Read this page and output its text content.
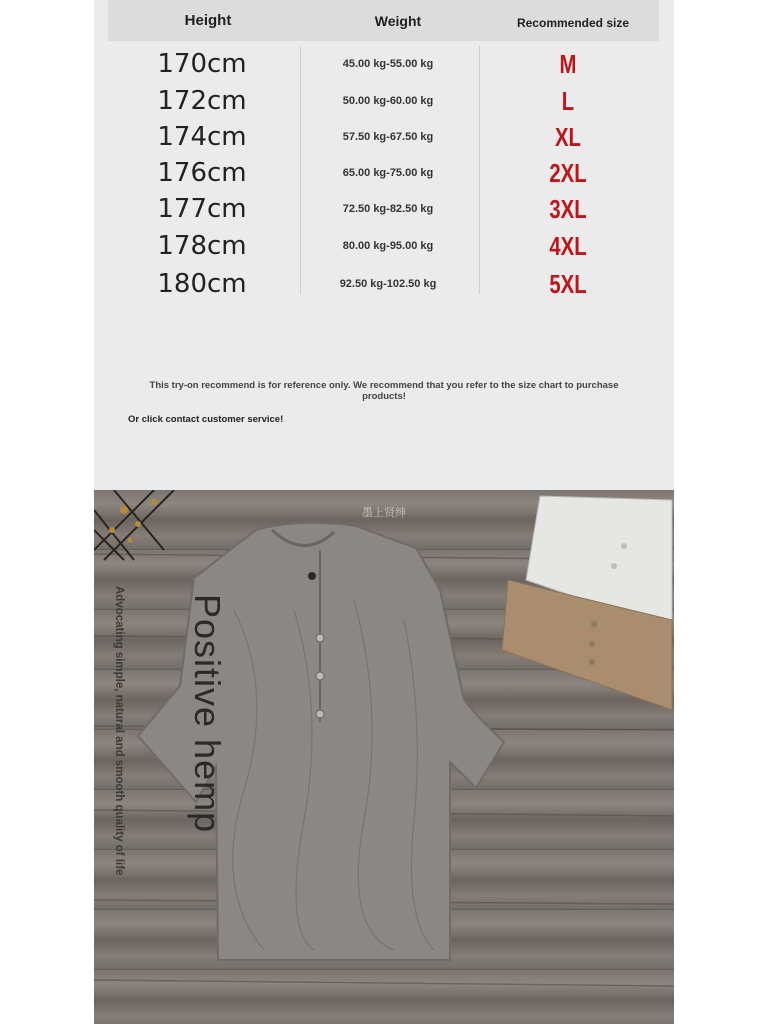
Height	Weight	Recommended size
170cm	45.00 kg-55.00 kg	M
172cm	50.00 kg-60.00 kg	L
174cm	57.50 kg-67.50 kg	XL
176cm	65.00 kg-75.00 kg	2XL
177cm	72.50 kg-82.50 kg	3XL
178cm	80.00 kg-95.00 kg	4XL
180cm	92.50 kg-102.50 kg	5XL
This try-on recommend is for reference only. We recommend that you refer to the size chart to purchase products!
Or click contact customer service!
墨上贤绅
Positive hemp
Advocating simple, natural and smooth quality of life
